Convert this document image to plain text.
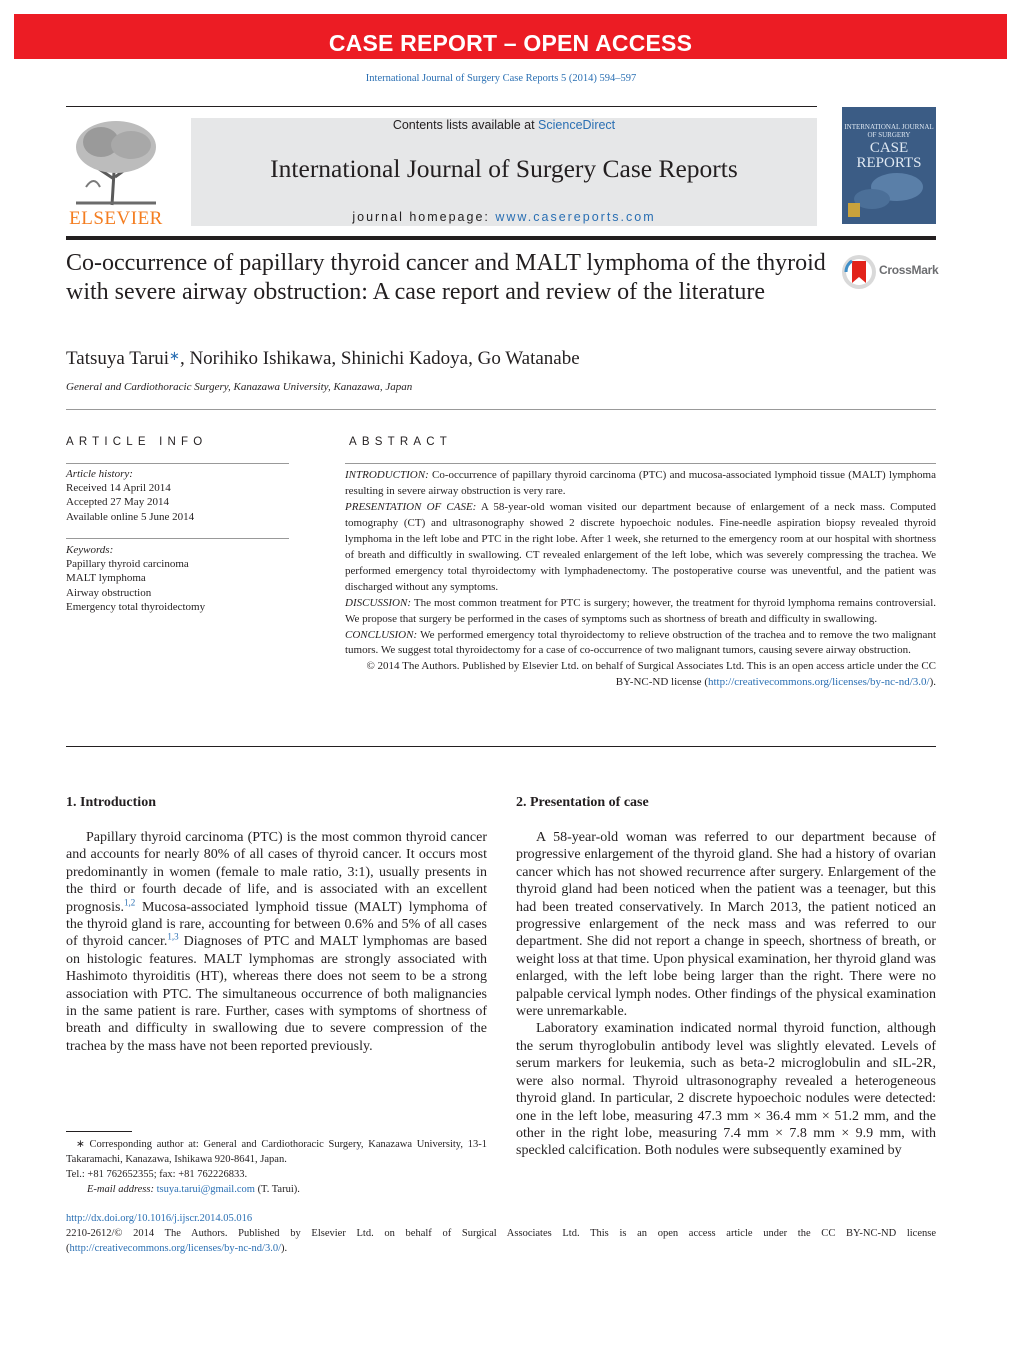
CASE REPORT – OPEN ACCESS
International Journal of Surgery Case Reports 5 (2014) 594–597
ELSEVIER
Contents lists available at ScienceDirect
International Journal of Surgery Case Reports
journal homepage: www.casereports.com
INTERNATIONAL JOURNAL OF SURGERY
CASE REPORTS
Co-occurrence of papillary thyroid cancer and MALT lymphoma of the thyroid with severe airway obstruction: A case report and review of the literature
CrossMark
Tatsuya Tarui∗, Norihiko Ishikawa, Shinichi Kadoya, Go Watanabe
General and Cardiothoracic Surgery, Kanazawa University, Kanazawa, Japan
ARTICLE INFO
Article history:
Received 14 April 2014
Accepted 27 May 2014
Available online 5 June 2014
Keywords:
Papillary thyroid carcinoma
MALT lymphoma
Airway obstruction
Emergency total thyroidectomy
ABSTRACT

INTRODUCTION: Co-occurrence of papillary thyroid carcinoma (PTC) and mucosa-associated lymphoid tissue (MALT) lymphoma resulting in severe airway obstruction is very rare.

PRESENTATION OF CASE: A 58-year-old woman visited our department because of enlargement of a neck mass. Computed tomography (CT) and ultrasonography showed 2 discrete hypoechoic nodules. Fine-needle aspiration biopsy revealed thyroid lymphoma in the left lobe and PTC in the right lobe. After 1 week, she returned to the emergency room at our hospital with shortness of breath and difficultly in swallowing. CT revealed enlargement of the left lobe, which was severely compressing the trachea. We performed emergency total thyroidectomy with lymphadenectomy. The postoperative course was uneventful, and the patient was discharged without any symptoms.

DISCUSSION: The most common treatment for PTC is surgery; however, the treatment for thyroid lymphoma remains controversial. We propose that surgery be performed in the cases of symptoms such as shortness of breath and difficulty in swallowing.

CONCLUSION: We performed emergency total thyroidectomy to relieve obstruction of the trachea and to remove the two malignant tumors. We suggest total thyroidectomy for a case of co-occurrence of two malignant tumors, causing severe airway obstruction.

© 2014 The Authors. Published by Elsevier Ltd. on behalf of Surgical Associates Ltd. This is an open access article under the CC BY-NC-ND license (http://creativecommons.org/licenses/by-nc-nd/3.0/).

1. Introduction

Papillary thyroid carcinoma (PTC) is the most common thyroid cancer and accounts for nearly 80% of all cases of thyroid cancer. It occurs most predominantly in women (female to male ratio, 3:1), usually presents in the third or fourth decade of life, and is associated with an excellent prognosis.$^{1,2}$ Mucosa-associated lymphoid tissue (MALT) lymphoma of the thyroid gland is rare, accounting for between 0.6% and 5% of all cases of thyroid cancer.$^{1,3}$ Diagnoses of PTC and MALT lymphomas are based on histologic features. MALT lymphomas are strongly associated with Hashimoto thyroiditis (HT), whereas there does not seem to be a strong association with PTC. The simultaneous occurrence of both malignancies in the same patient is rare. Further, cases with symptoms of shortness of breath and difficulty in swallowing due to severe compression of the trachea by the mass have not been reported previously.

2. Presentation of case

A 58-year-old woman was referred to our department because of progressive enlargement of the thyroid gland. She had a history of ovarian cancer which has not showed recurrence after surgery. Enlargement of the thyroid gland had been noticed when the patient was a teenager, but this had been treated conservatively. In March 2013, the patient noticed an progressive enlargement of the neck mass and was referred to our department. She did not report a change in speech, shortness of breath, or weight loss at that time. Upon physical examination, her thyroid gland was enlarged, with the left lobe being larger than the right. There were no palpable cervical lymph nodes. Other findings of the physical examination were unremarkable.

Laboratory examination indicated normal thyroid function, although the serum thyroglobulin antibody level was slightly elevated. Levels of serum markers for leukemia, such as beta-2 microglobulin and sIL-2R, were also normal. Thyroid ultrasonography revealed a heterogeneous thyroid gland. In particular, 2 discrete hypoechoic nodules were detected: one in the left lobe, measuring 47.3 mm × 36.4 mm × 51.2 mm, and the other in the right lobe, measuring 7.4 mm × 7.8 mm × 9.9 mm, with speckled calcification. Both nodules were subsequently examined by

∗ Corresponding author at: General and Cardiothoracic Surgery, Kanazawa University, 13-1 Takaramachi, Kanazawa, Ishikawa 920-8641, Japan.
Tel.: +81 762652355; fax: +81 762226833.
E-mail address: tsuya.tarui@gmail.com (T. Tarui).
http://dx.doi.org/10.1016/j.ijscr.2014.05.016
2210-2612/© 2014 The Authors. Published by Elsevier Ltd. on behalf of Surgical Associates Ltd. This is an open access article under the CC BY-NC-ND license
(http://creativecommons.org/licenses/by-nc-nd/3.0/).
